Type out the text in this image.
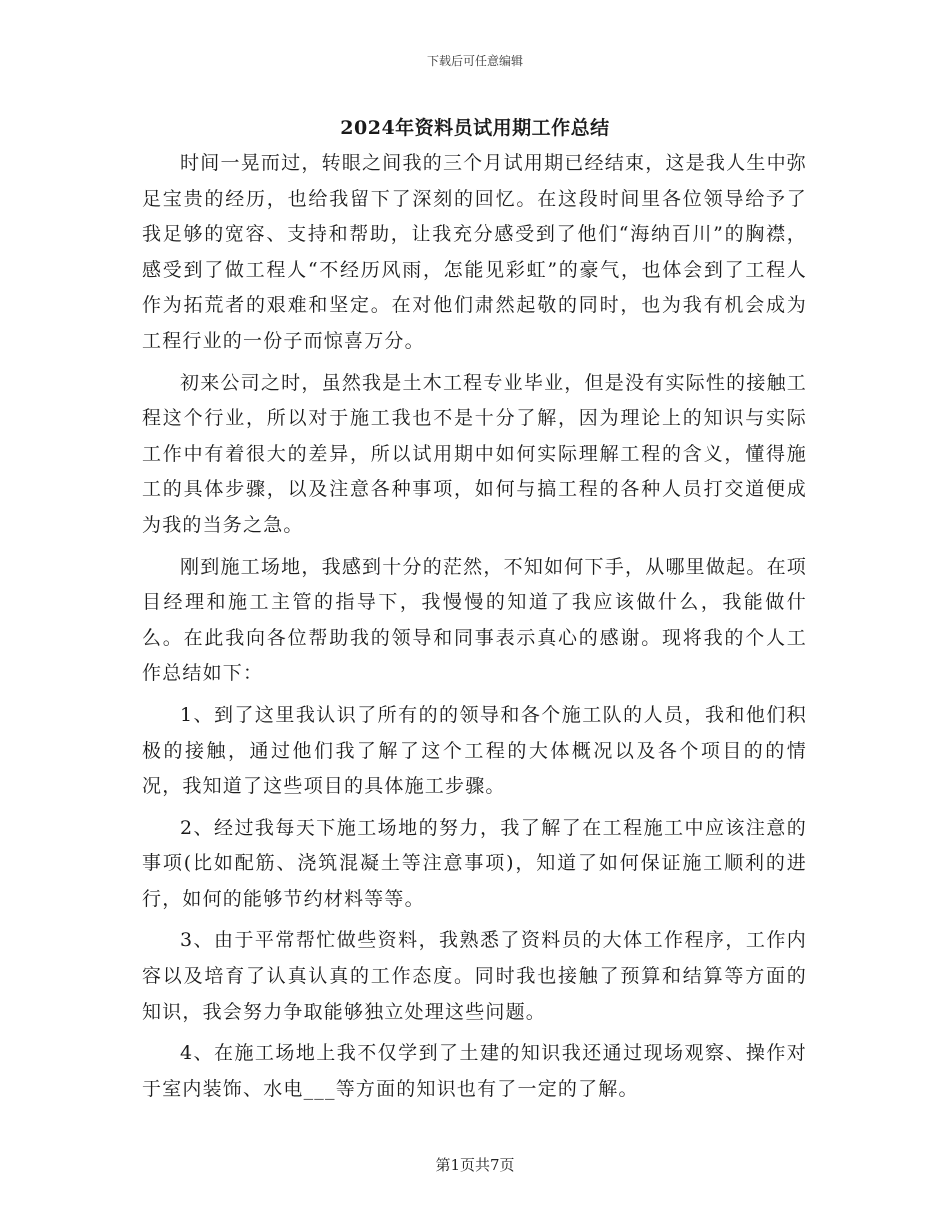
下载后可任意编辑
2024年资料员试用期工作总结

时间一晃而过，转眼之间我的三个月试用期已经结束，这是我人生中弥足宝贵的经历，也给我留下了深刻的回忆。在这段时间里各位领导给予了我足够的宽容、支持和帮助，让我充分感受到了他们“海纳百川”的胸襟，感受到了做工程人“不经历风雨，怎能见彩虹”的豪气，也体会到了工程人作为拓荒者的艰难和坚定。在对他们肃然起敬的同时，也为我有机会成为工程行业的一份子而惊喜万分。

初来公司之时，虽然我是土木工程专业毕业，但是没有实际性的接触工程这个行业，所以对于施工我也不是十分了解，因为理论上的知识与实际工作中有着很大的差异，所以试用期中如何实际理解工程的含义，懂得施工的具体步骤，以及注意各种事项，如何与搞工程的各种人员打交道便成为我的当务之急。

刚到施工场地，我感到十分的茫然，不知如何下手，从哪里做起。在项目经理和施工主管的指导下，我慢慢的知道了我应该做什么，我能做什么。在此我向各位帮助我的领导和同事表示真心的感谢。现将我的个人工作总结如下：

1、到了这里我认识了所有的的领导和各个施工队的人员，我和他们积极的接触，通过他们我了解了这个工程的大体概况以及各个项目的的情况，我知道了这些项目的具体施工步骤。

2、经过我每天下施工场地的努力，我了解了在工程施工中应该注意的事项(比如配筋、浇筑混凝土等注意事项)，知道了如何保证施工顺利的进行，如何的能够节约材料等等。

3、由于平常帮忙做些资料，我熟悉了资料员的大体工作程序，工作内容以及培育了认真认真的工作态度。同时我也接触了预算和结算等方面的知识，我会努力争取能够独立处理这些问题。

4、在施工场地上我不仅学到了土建的知识我还通过现场观察、操作对于室内装饰、水电___等方面的知识也有了一定的了解。

第1页共7页
